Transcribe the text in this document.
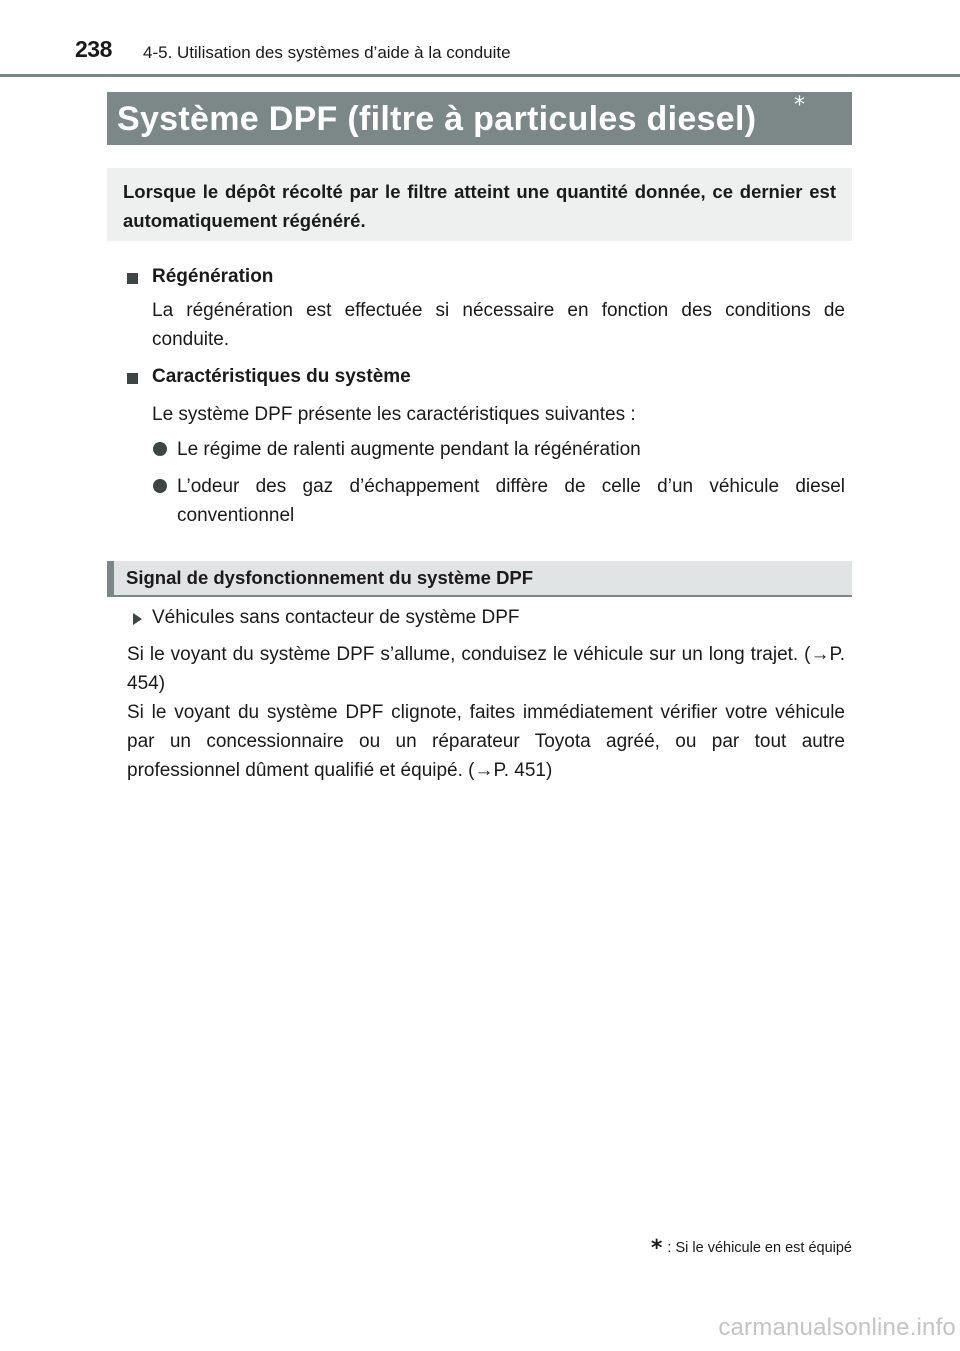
238 4-5. Utilisation des systèmes d’aide à la conduite
Système DPF (filtre à particules diesel) *
Lorsque le dépôt récolté par le filtre atteint une quantité donnée, ce dernier est automatiquement régénéré.
Régénération
La régénération est effectuée si nécessaire en fonction des conditions de conduite.
Caractéristiques du système
Le système DPF présente les caractéristiques suivantes :
Le régime de ralenti augmente pendant la régénération
L’odeur des gaz d’échappement diffère de celle d’un véhicule diesel conventionnel
Signal de dysfonctionnement du système DPF
Véhicules sans contacteur de système DPF
Si le voyant du système DPF s’allume, conduisez le véhicule sur un long trajet. (→P. 454)
Si le voyant du système DPF clignote, faites immédiatement vérifier votre véhicule par un concessionnaire ou un réparateur Toyota agréé, ou par tout autre professionnel dûment qualifié et équipé. (→P. 451)
* : Si le véhicule en est équipé
carmanualsonline.info
